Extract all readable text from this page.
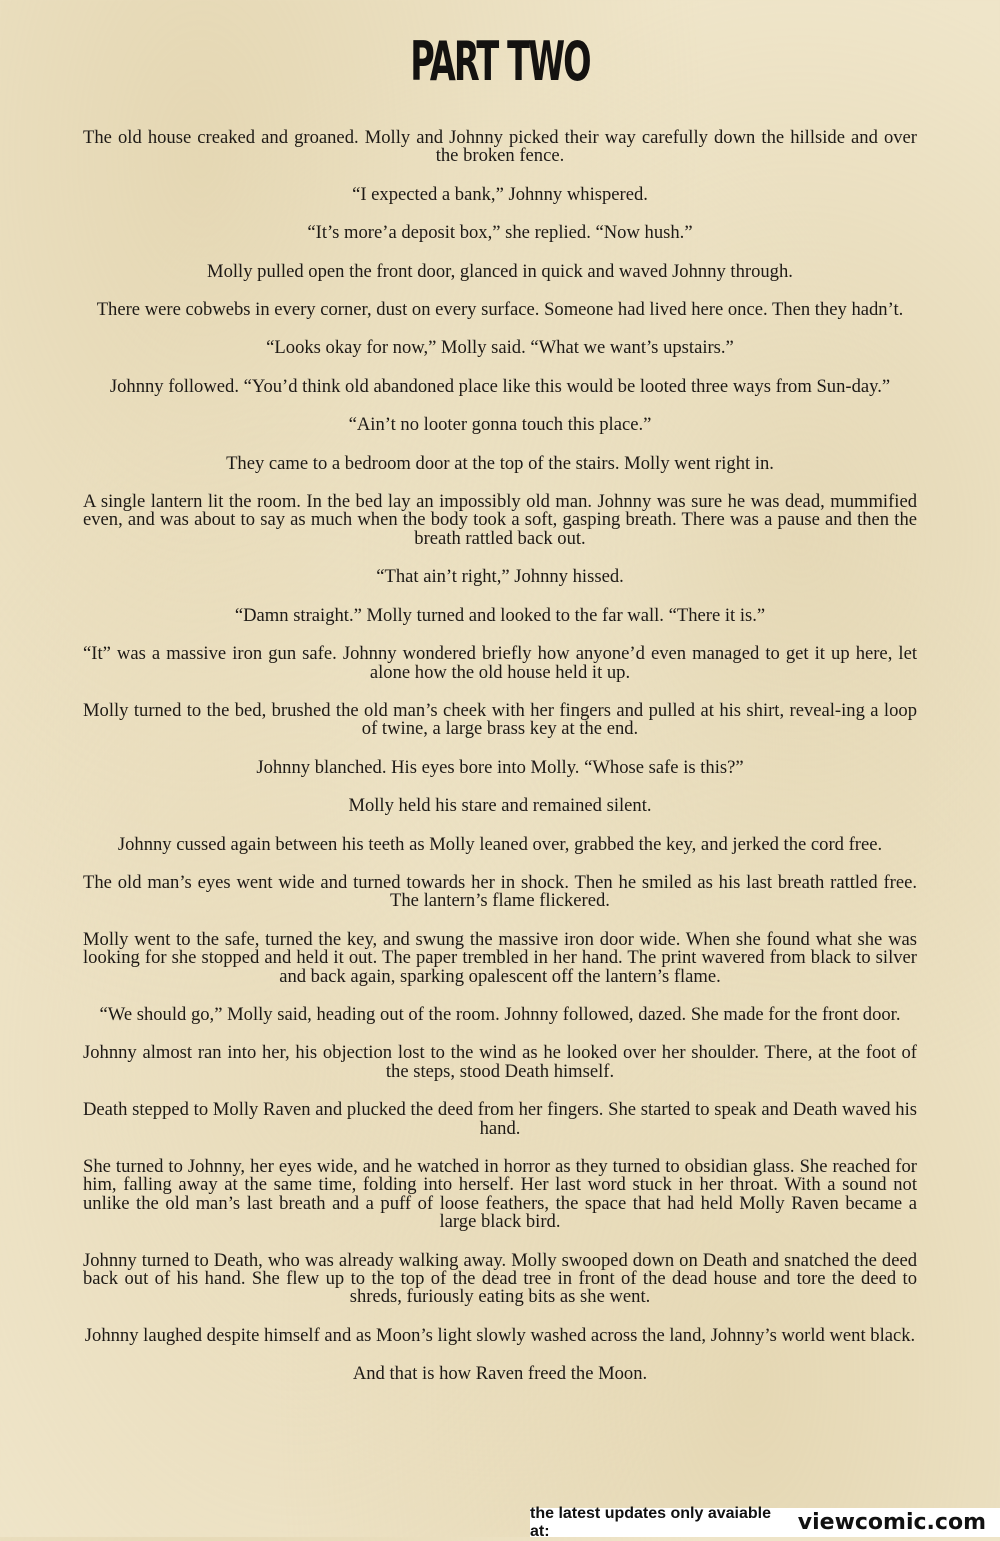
PART TWO

The old house creaked and groaned. Molly and Johnny picked their way carefully down the hillside and over the broken fence.

“I expected a bank,” Johnny whispered.

“It’s more’a deposit box,” she replied. “Now hush.”

Molly pulled open the front door, glanced in quick and waved Johnny through.

There were cobwebs in every corner, dust on every surface. Someone had lived here once. Then they hadn’t.

“Looks okay for now,” Molly said. “What we want’s upstairs.”

Johnny followed. “You’d think old abandoned place like this would be looted three ways from Sun-day.”

“Ain’t no looter gonna touch this place.”

They came to a bedroom door at the top of the stairs. Molly went right in.

A single lantern lit the room. In the bed lay an impossibly old man. Johnny was sure he was dead, mummified even, and was about to say as much when the body took a soft, gasping breath. There was a pause and then the breath rattled back out.

“That ain’t right,” Johnny hissed.

“Damn straight.” Molly turned and looked to the far wall. “There it is.”

“It” was a massive iron gun safe. Johnny wondered briefly how anyone’d even managed to get it up here, let alone how the old house held it up.

Molly turned to the bed, brushed the old man’s cheek with her fingers and pulled at his shirt, reveal-ing a loop of twine, a large brass key at the end.

Johnny blanched. His eyes bore into Molly. “Whose safe is this?”

Molly held his stare and remained silent.

Johnny cussed again between his teeth as Molly leaned over, grabbed the key, and jerked the cord free.

The old man’s eyes went wide and turned towards her in shock. Then he smiled as his last breath rattled free. The lantern’s flame flickered.

Molly went to the safe, turned the key, and swung the massive iron door wide. When she found what she was looking for she stopped and held it out. The paper trembled in her hand. The print wavered from black to silver and back again, sparking opalescent off the lantern’s flame.

“We should go,” Molly said, heading out of the room. Johnny followed, dazed. She made for the front door.

Johnny almost ran into her, his objection lost to the wind as he looked over her shoulder. There, at the foot of the steps, stood Death himself.

Death stepped to Molly Raven and plucked the deed from her fingers. She started to speak and Death waved his hand.

She turned to Johnny, her eyes wide, and he watched in horror as they turned to obsidian glass. She reached for him, falling away at the same time, folding into herself. Her last word stuck in her throat. With a sound not unlike the old man’s last breath and a puff of loose feathers, the space that had held Molly Raven became a large black bird.

Johnny turned to Death, who was already walking away. Molly swooped down on Death and snatched the deed back out of his hand. She flew up to the top of the dead tree in front of the dead house and tore the deed to shreds, furiously eating bits as she went.

Johnny laughed despite himself and as Moon’s light slowly washed across the land, Johnny’s world went black.

And that is how Raven freed the Moon.

the latest updates only avaiable at:	viewcomic.com
